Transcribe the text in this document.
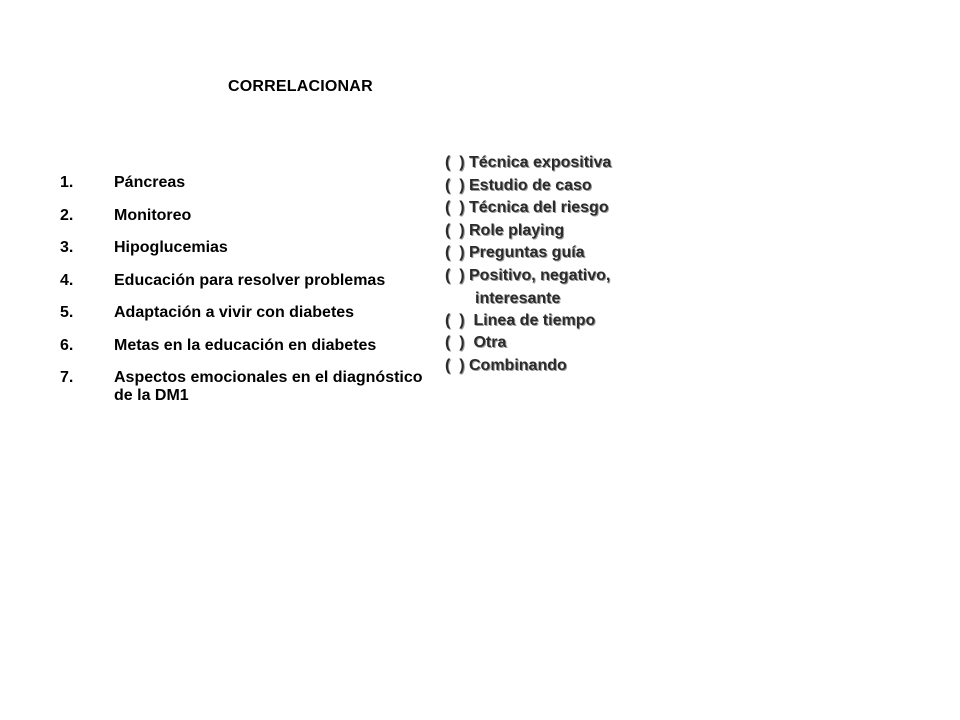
CORRELACIONAR
1.	Páncreas
2.	Monitoreo
3.	Hipoglucemias
4.	Educación para resolver problemas
5.	Adaptación a vivir con diabetes
6.	Metas en la educación en diabetes
7.	Aspectos emocionales en el diagnóstico de la DM1
(  ) Técnica expositiva
(  ) Estudio de caso
(  ) Técnica del riesgo
(  ) Role playing
(  ) Preguntas guía
(  ) Positivo, negativo,
interesante
(  )  Linea de tiempo
(  )  Otra
(  ) Combinando
